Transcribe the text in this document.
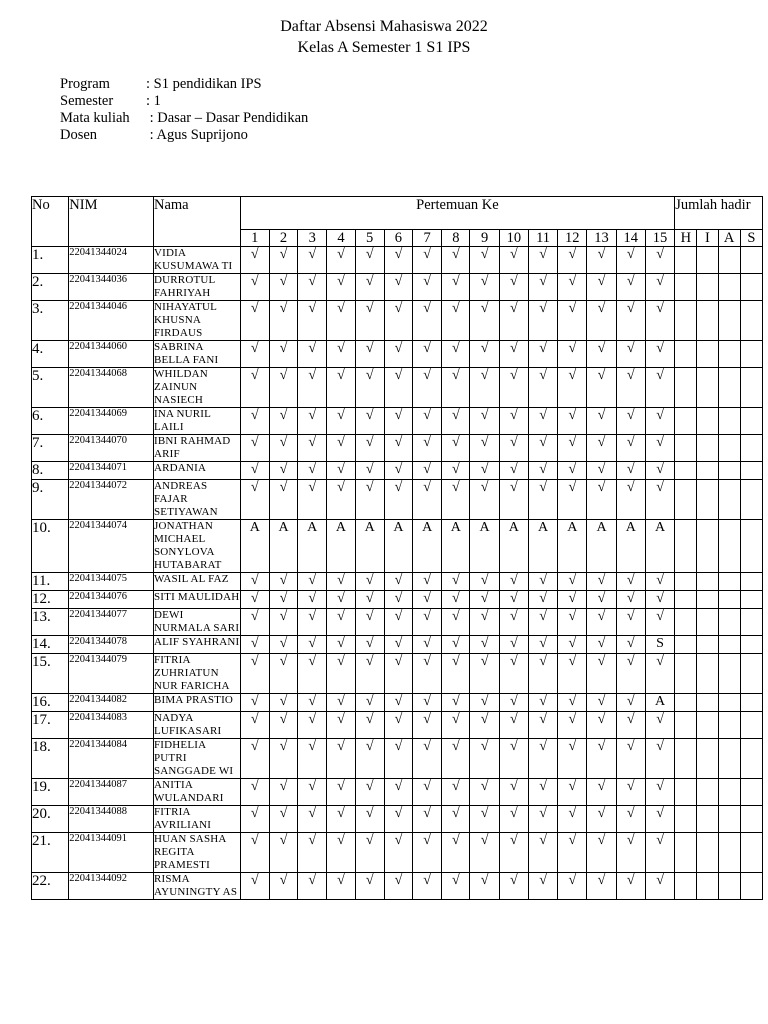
Daftar Absensi Mahasiswa 2022
Kelas A Semester 1 S1 IPS
Program	: S1 pendidikan IPS
Semester	: 1
Mata kuliah	: Dasar – Dasar Pendidikan
Dosen	: Agus Suprijono
No	NIM	Nama	Pertemuan Ke															Jumlah hadir			
			1	2	3	4	5	6	7	8	9	10	11	12	13	14	15	H	I	A	S
1.	22041344024	VIDIA KUSUMAWA TI	√	√	√	√	√	√	√	√	√	√	√	√	√	√	√				
2.	22041344036	DURROTUL FAHRIYAH	√	√	√	√	√	√	√	√	√	√	√	√	√	√	√				
3.	22041344046	NIHAYATUL KHUSNA FIRDAUS	√	√	√	√	√	√	√	√	√	√	√	√	√	√	√				
4.	22041344060	SABRINA BELLA FANI	√	√	√	√	√	√	√	√	√	√	√	√	√	√	√				
5.	22041344068	WHILDAN ZAINUN NASIECH	√	√	√	√	√	√	√	√	√	√	√	√	√	√	√				
6.	22041344069	INA NURIL LAILI	√	√	√	√	√	√	√	√	√	√	√	√	√	√	√				
7.	22041344070	IBNI RAHMAD ARIF	√	√	√	√	√	√	√	√	√	√	√	√	√	√	√				
8.	22041344071	ARDANIA	√	√	√	√	√	√	√	√	√	√	√	√	√	√	√				
9.	22041344072	ANDREAS FAJAR SETIYAWAN	√	√	√	√	√	√	√	√	√	√	√	√	√	√	√				
10.	22041344074	JONATHAN MICHAEL SONYLOVA HUTABARAT	A	A	A	A	A	A	A	A	A	A	A	A	A	A	A				
11.	22041344075	WASIL AL FAZ	√	√	√	√	√	√	√	√	√	√	√	√	√	√	√				
12.	22041344076	SITI MAULIDAH	√	√	√	√	√	√	√	√	√	√	√	√	√	√	√				
13.	22041344077	DEWI NURMALA SARI	√	√	√	√	√	√	√	√	√	√	√	√	√	√	√				
14.	22041344078	ALIF SYAHRANI	√	√	√	√	√	√	√	√	√	√	√	√	√	√	S				
15.	22041344079	FITRIA ZUHRIATUN NUR FARICHA	√	√	√	√	√	√	√	√	√	√	√	√	√	√	√				
16.	22041344082	BIMA PRASTIO	√	√	√	√	√	√	√	√	√	√	√	√	√	√	A				
17.	22041344083	NADYA LUFIKASARI	√	√	√	√	√	√	√	√	√	√	√	√	√	√	√				
18.	22041344084	FIDHELIA PUTRI SANGGADE WI	√	√	√	√	√	√	√	√	√	√	√	√	√	√	√				
19.	22041344087	ANITIA WULANDARI	√	√	√	√	√	√	√	√	√	√	√	√	√	√	√				
20.	22041344088	FITRIA AVRILIANI	√	√	√	√	√	√	√	√	√	√	√	√	√	√	√				
21.	22041344091	HUAN SASHA REGITA PRAMESTI	√	√	√	√	√	√	√	√	√	√	√	√	√	√	√				
22.	22041344092	RISMA AYUNINGTY AS	√	√	√	√	√	√	√	√	√	√	√	√	√	√	√				
